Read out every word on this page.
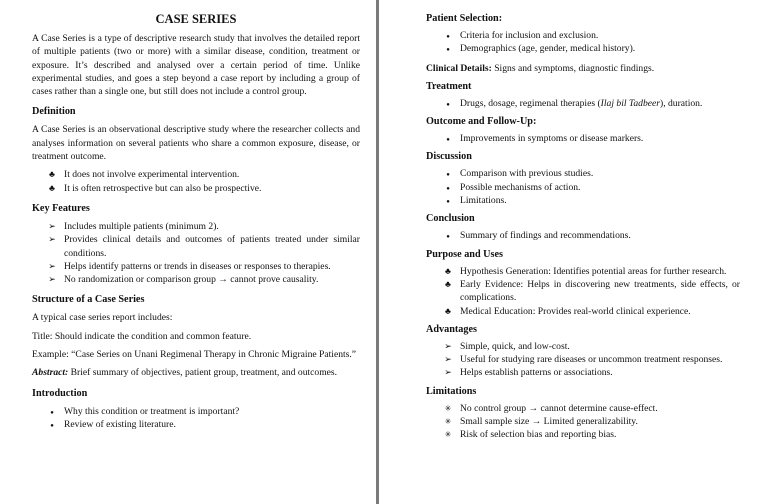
CASE SERIES

A Case Series is a type of descriptive research study that involves the detailed report of multiple patients (two or more) with a similar disease, condition, treatment or exposure. It’s described and analysed over a certain period of time. Unlike experimental studies, and goes a step beyond a case report by including a group of cases rather than a single one, but still does not include a control group.

Definition

A Case Series is an observational descriptive study where the researcher collects and analyses information on several patients who share a common exposure, disease, or treatment outcome.

♣
It does not involve experimental intervention.
♣
It is often retrospective but can also be prospective.
Key Features
➢
Includes multiple patients (minimum 2).
➢
Provides clinical details and outcomes of patients treated under similar conditions.
➢
Helps identify patterns or trends in diseases or responses to therapies.
➢
No randomization or comparison group → cannot prove causality.
Structure of a Case Series

A typical case series report includes:

Title: Should indicate the condition and common feature.

Example: “Case Series on Unani Regimenal Therapy in Chronic Migraine Patients.”

Abstract: Brief summary of objectives, patient group, treatment, and outcomes.

Introduction
●
Why this condition or treatment is important?
●
Review of existing literature.
Patient Selection:
●
Criteria for inclusion and exclusion.
●
Demographics (age, gender, medical history).

Clinical Details: Signs and symptoms, diagnostic findings.

Treatment
●
Drugs, dosage, regimenal therapies (Ilaj bil Tadbeer), duration.
Outcome and Follow-Up:
●
Improvements in symptoms or disease markers.
Discussion
●
Comparison with previous studies.
●
Possible mechanisms of action.
●
Limitations.
Conclusion
●
Summary of findings and recommendations.
Purpose and Uses
♣
Hypothesis Generation: Identifies potential areas for further research.
♣
Early Evidence: Helps in discovering new treatments, side effects, or complications.
♣
Medical Education: Provides real-world clinical experience.
Advantages
➢
Simple, quick, and low-cost.
➢
Useful for studying rare diseases or uncommon treatment responses.
➢
Helps establish patterns or associations.
Limitations
✳
No control group → cannot determine cause-effect.
✳
Small sample size → Limited generalizability.
✳
Risk of selection bias and reporting bias.
